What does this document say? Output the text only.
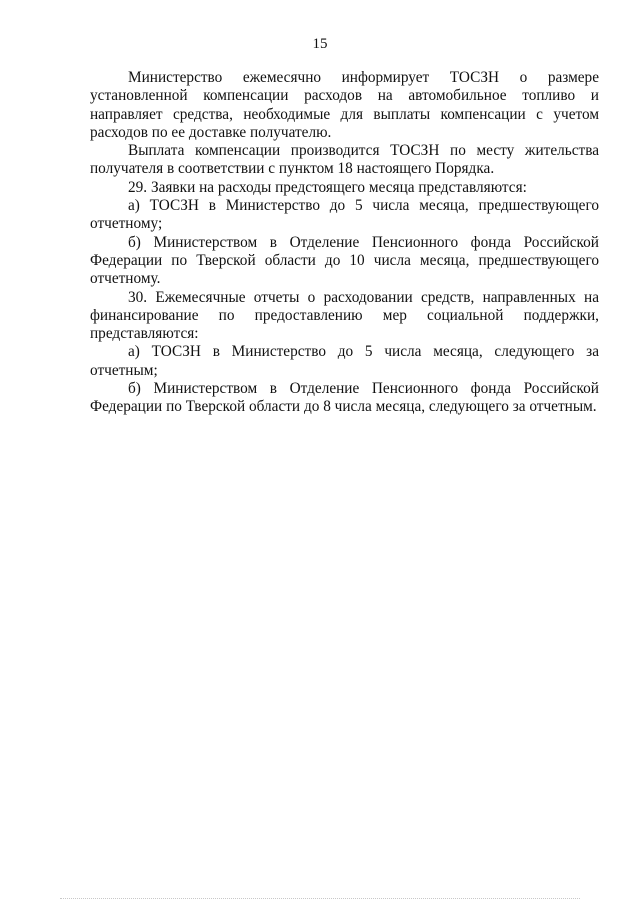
15

Министерство ежемесячно информирует ТОСЗН о размере установленной компенсации расходов на автомобильное топливо и направляет средства, необходимые для выплаты компенсации с учетом расходов по ее доставке получателю.

Выплата компенсации производится ТОСЗН по месту жительства получателя в соответствии с пунктом 18 настоящего Порядка.

29. Заявки на расходы предстоящего месяца представляются:

а) ТОСЗН в Министерство до 5 числа месяца, предшествующего отчетному;

б) Министерством в Отделение Пенсионного фонда Российской Федерации по Тверской области до 10 числа месяца, предшествующего отчетному.

30. Ежемесячные отчеты о расходовании средств, направленных на финансирование по предоставлению мер социальной поддержки, представляются:

а) ТОСЗН в Министерство до 5 числа месяца, следующего за отчетным;

б) Министерством в Отделение Пенсионного фонда Российской Федерации по Тверской области до 8 числа месяца, следующего за отчетным.
